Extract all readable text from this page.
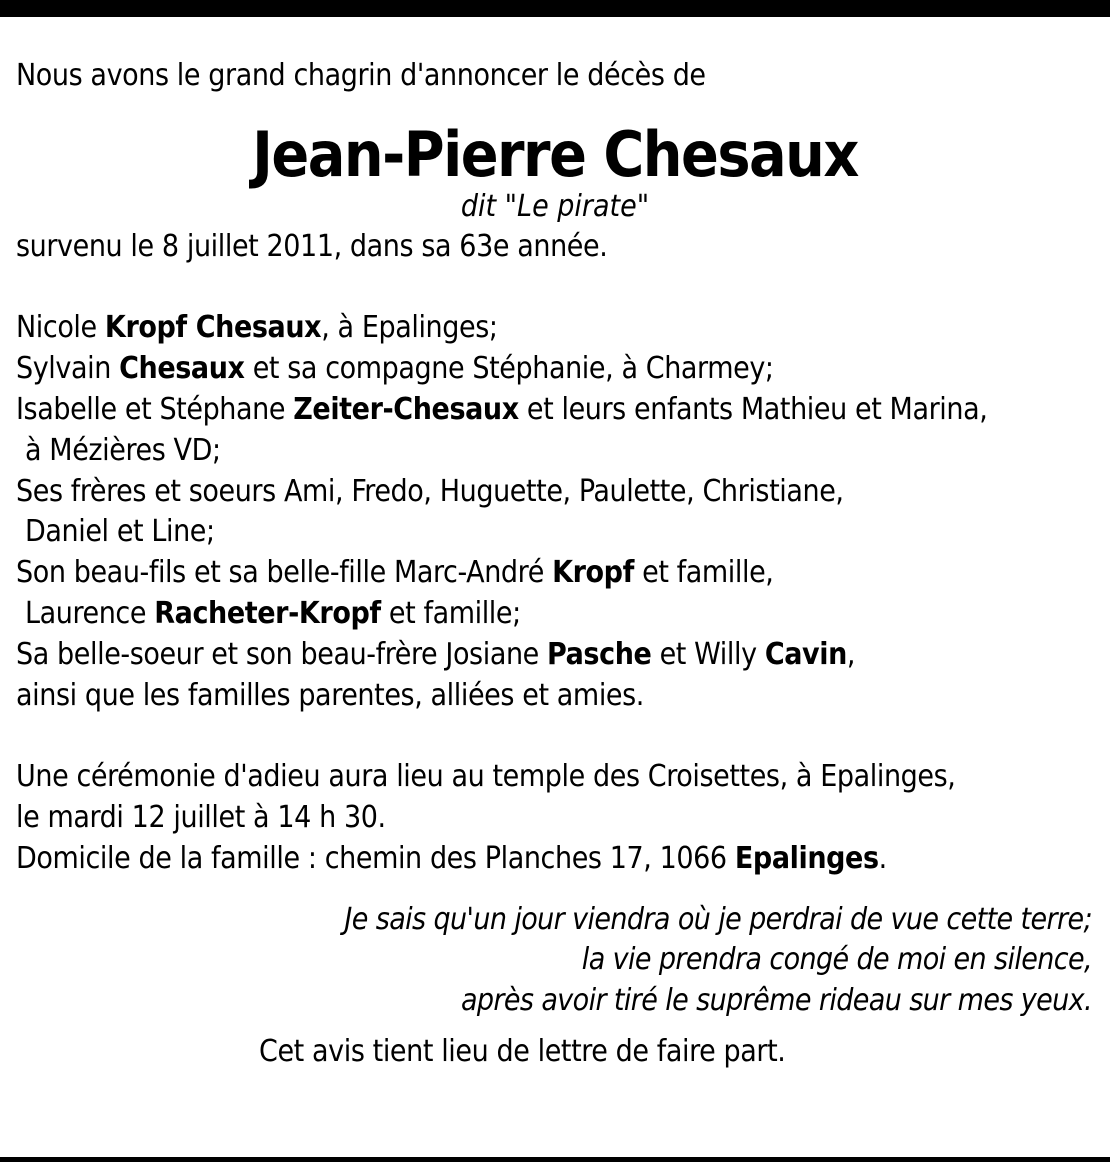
Nous avons le grand chagrin d'annoncer le décès de
Jean-Pierre Chesaux
dit "Le pirate"
survenu le 8 juillet 2011, dans sa 63e année.
Nicole Kropf Chesaux, à Epalinges;
Sylvain Chesaux et sa compagne Stéphanie, à Charmey;
Isabelle et Stéphane Zeiter-Chesaux et leurs enfants Mathieu et Marina,
à Mézières VD;
Ses frères et soeurs Ami, Fredo, Huguette, Paulette, Christiane,
Daniel et Line;
Son beau-fils et sa belle-fille Marc-André Kropf et famille,
Laurence Racheter-Kropf et famille;
Sa belle-soeur et son beau-frère Josiane Pasche et Willy Cavin,
ainsi que les familles parentes, alliées et amies.
Une cérémonie d'adieu aura lieu au temple des Croisettes, à Epalinges,
le mardi 12 juillet à 14 h 30.
Domicile de la famille : chemin des Planches 17, 1066 Epalinges.
Je sais qu'un jour viendra où je perdrai de vue cette terre;
la vie prendra congé de moi en silence,
après avoir tiré le suprême rideau sur mes yeux.
Cet avis tient lieu de lettre de faire part.
